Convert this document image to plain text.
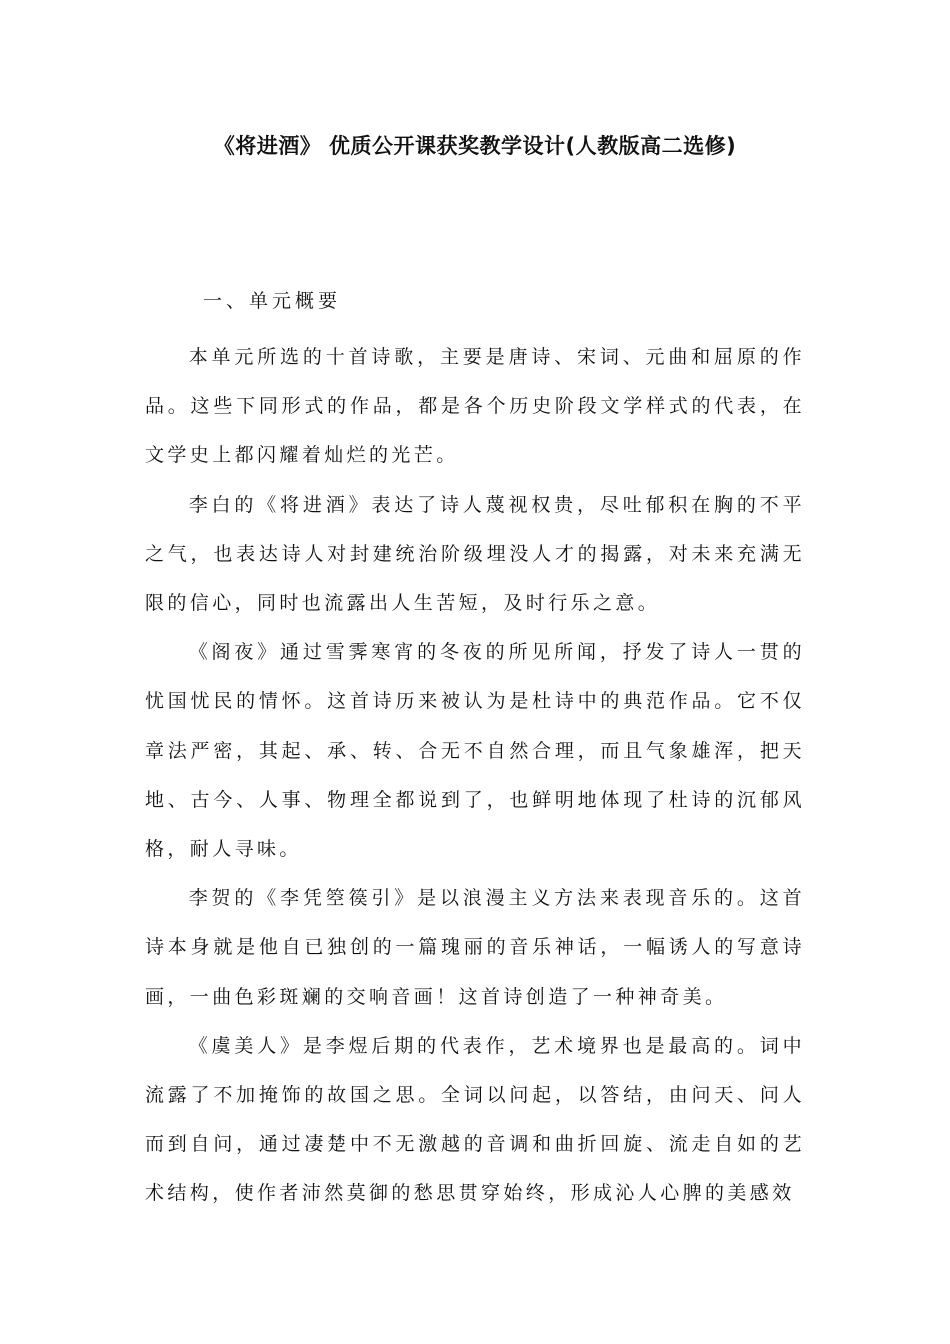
《将进酒》 优质公开课获奖教学设计(人教版高二选修)
一、单元概要

本单元所选的十首诗歌，主要是唐诗、宋词、元曲和屈原的作品。这些下同形式的作品，都是各个历史阶段文学样式的代表，在文学史上都闪耀着灿烂的光芒。

李白的《将进酒》表达了诗人蔑视权贵，尽吐郁积在胸的不平之气，也表达诗人对封建统治阶级埋没人才的揭露，对未来充满无限的信心，同时也流露出人生苦短，及时行乐之意。

《阁夜》通过雪霁寒宵的冬夜的所见所闻，抒发了诗人一贯的忧国忧民的情怀。这首诗历来被认为是杜诗中的典范作品。它不仅章法严密，其起、承、转、合无不自然合理，而且气象雄浑，把天地、古今、人事、物理全都说到了，也鲜明地体现了杜诗的沉郁风格，耐人寻味。

李贺的《李凭箜篌引》是以浪漫主义方法来表现音乐的。这首诗本身就是他自已独创的一篇瑰丽的音乐神话，一幅诱人的写意诗画，一曲色彩斑斓的交响音画！这首诗创造了一种神奇美。

《虞美人》是李煜后期的代表作，艺术境界也是最高的。词中流露了不加掩饰的故国之思。全词以问起，以答结，由问天、问人而到自问，通过凄楚中不无激越的音调和曲折回旋、流走自如的艺术结构，使作者沛然莫御的愁思贯穿始终，形成沁人心脾的美感效
